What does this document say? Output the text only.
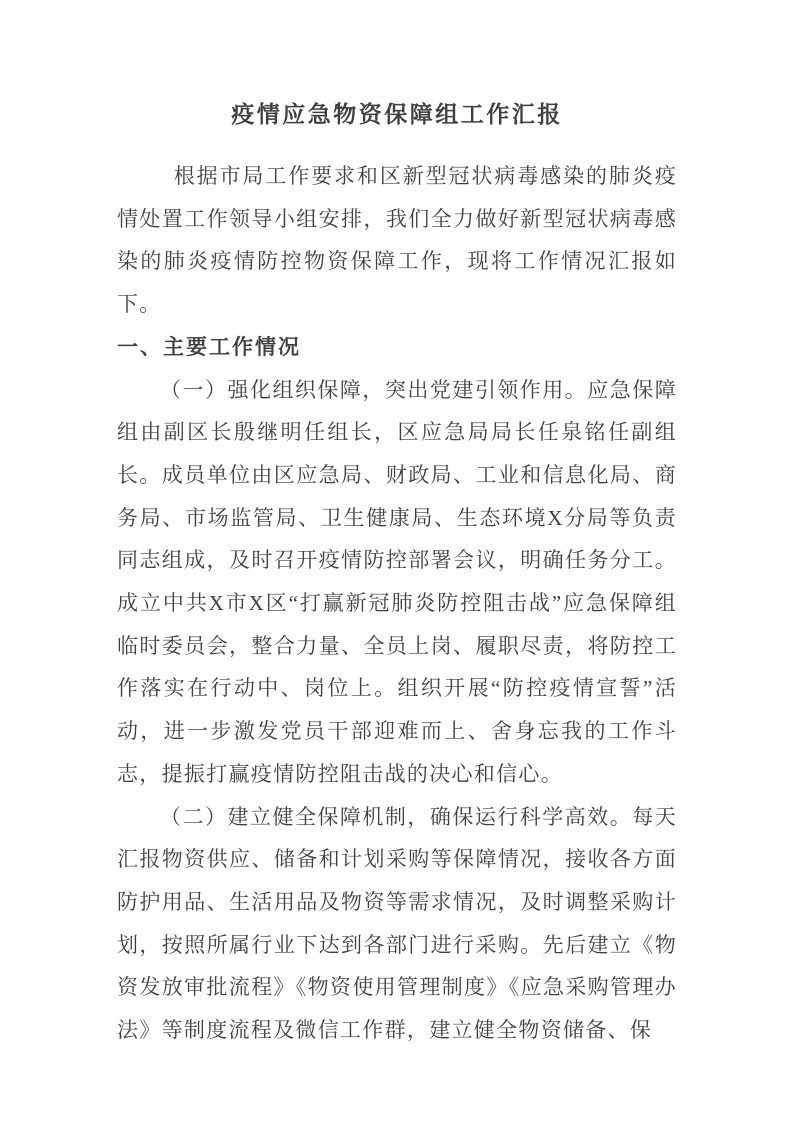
疫情应急物资保障组工作汇报

根据市局工作要求和区新型冠状病毒感染的肺炎疫情处置工作领导小组安排，我们全力做好新型冠状病毒感染的肺炎疫情防控物资保障工作，现将工作情况汇报如下。

一、主要工作情况

（一）强化组织保障，突出党建引领作用。应急保障组由副区长殷继明任组长，区应急局局长任泉铭任副组长。成员单位由区应急局、财政局、工业和信息化局、商务局、市场监管局、卫生健康局、生态环境X分局等负责同志组成，及时召开疫情防控部署会议，明确任务分工。成立中共X市X区“打赢新冠肺炎防控阻击战”应急保障组临时委员会，整合力量、全员上岗、履职尽责，将防控工作落实在行动中、岗位上。组织开展“防控疫情宣誓”活动，进一步激发党员干部迎难而上、舍身忘我的工作斗志，提振打赢疫情防控阻击战的决心和信心。

（二）建立健全保障机制，确保运行科学高效。每天汇报物资供应、储备和计划采购等保障情况，接收各方面防护用品、生活用品及物资等需求情况，及时调整采购计划，按照所属行业下达到各部门进行采购。先后建立《物资发放审批流程》《物资使用管理制度》《应急采购管理办法》等制度流程及微信工作群，建立健全物资储备、保
